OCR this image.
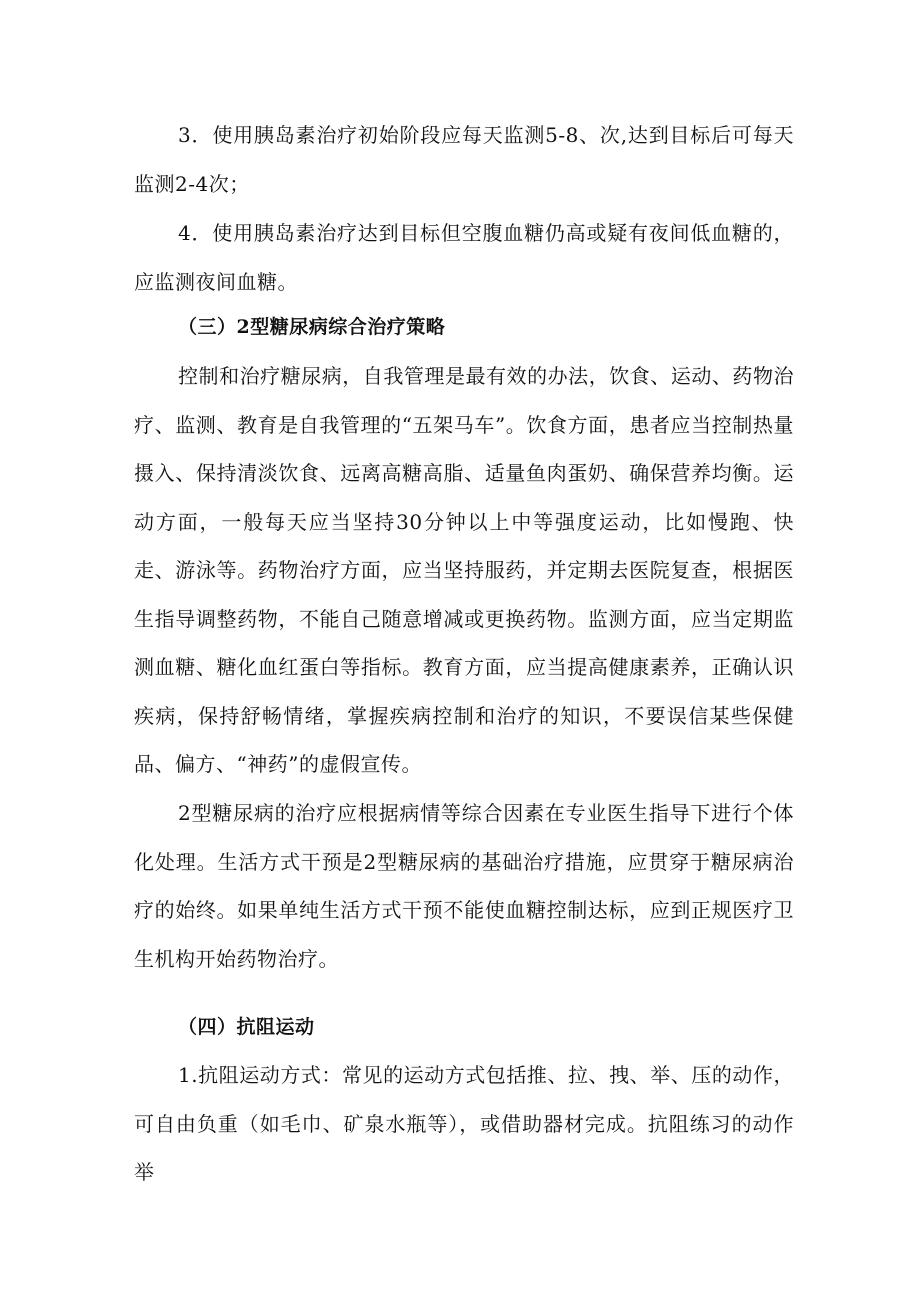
3．使用胰岛素治疗初始阶段应每天监测5-8、次,达到目标后可每天监测2-4次；

4．使用胰岛素治疗达到目标但空腹血糖仍高或疑有夜间低血糖的，应监测夜间血糖。

（三）2型糖尿病综合治疗策略

控制和治疗糖尿病，自我管理是最有效的办法，饮食、运动、药物治疗、监测、教育是自我管理的“五架马车”。饮食方面，患者应当控制热量摄入、保持清淡饮食、远离高糖高脂、适量鱼肉蛋奶、确保营养均衡。运动方面，一般每天应当坚持30分钟以上中等强度运动，比如慢跑、快走、游泳等。药物治疗方面，应当坚持服药，并定期去医院复查，根据医生指导调整药物，不能自己随意增减或更换药物。监测方面，应当定期监测血糖、糖化血红蛋白等指标。教育方面，应当提高健康素养，正确认识疾病，保持舒畅情绪，掌握疾病控制和治疗的知识，不要误信某些保健品、偏方、“神药”的虚假宣传。

2型糖尿病的治疗应根据病情等综合因素在专业医生指导下进行个体化处理。生活方式干预是2型糖尿病的基础治疗措施，应贯穿于糖尿病治疗的始终。如果单纯生活方式干预不能使血糖控制达标，应到正规医疗卫生机构开始药物治疗。

（四）抗阻运动

1.抗阻运动方式：常见的运动方式包括推、拉、拽、举、压的动作，可自由负重（如毛巾、矿泉水瓶等），或借助器材完成。抗阻练习的动作举
